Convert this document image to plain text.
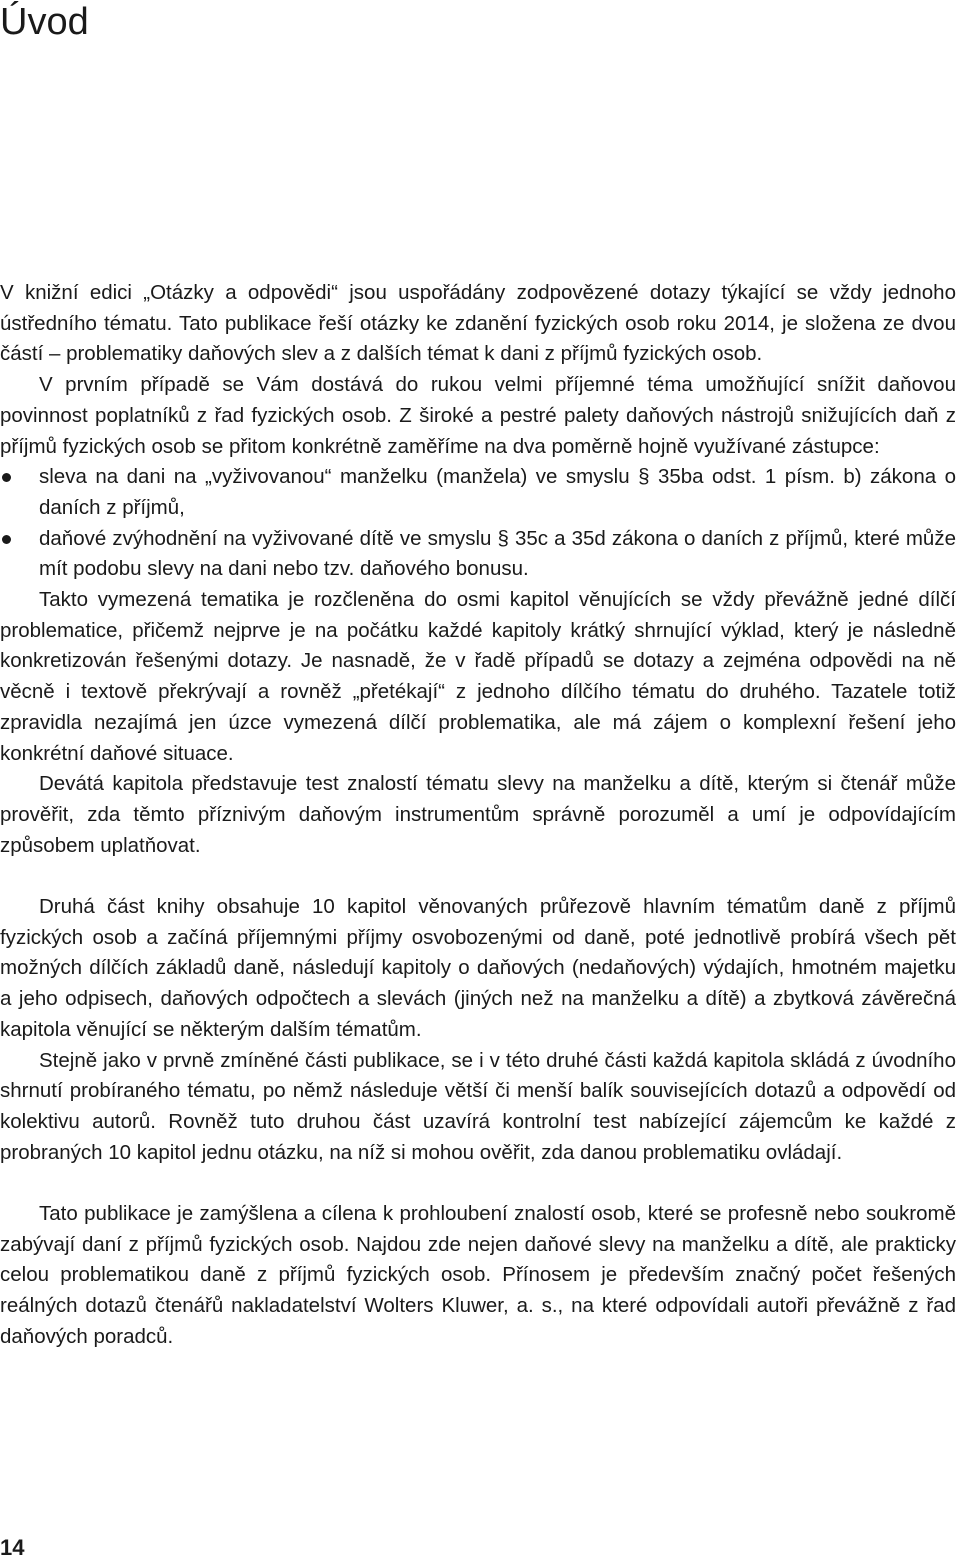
Úvod

V knižní edici „Otázky a odpovědi“ jsou uspořádány zodpovězené dotazy týkající se vždy jednoho ústředního tématu. Tato publikace řeší otázky ke zdanění fyzických osob roku 2014, je složena ze dvou částí – problematiky daňových slev a z dalších témat k dani z příjmů fyzických osob.

V prvním případě se Vám dostává do rukou velmi příjemné téma umožňující snížit daňovou povinnost poplatníků z řad fyzických osob. Z široké a pestré palety daňových nástrojů snižujících daň z příjmů fyzických osob se přitom konkrétně zaměříme na dva poměrně hojně využívané zástupce:

sleva na dani na „vyživovanou“ manželku (manžela) ve smyslu § 35ba odst. 1 písm. b) zákona o daních z příjmů,
daňové zvýhodnění na vyživované dítě ve smyslu § 35c a 35d zákona o daních z příjmů, které může mít podobu slevy na dani nebo tzv. daňového bonusu.

Takto vymezená tematika je rozčleněna do osmi kapitol věnujících se vždy převážně jedné dílčí problematice, přičemž nejprve je na počátku každé kapitoly krátký shrnující výklad, který je následně konkretizován řešenými dotazy. Je nasnadě, že v řadě případů se dotazy a zejména odpovědi na ně věcně i textově překrývají a rovněž „přetékají“ z jednoho dílčího tématu do druhého. Tazatele totiž zpravidla nezajímá jen úzce vymezená dílčí problematika, ale má zájem o komplexní řešení jeho konkrétní daňové situace.

Devátá kapitola představuje test znalostí tématu slevy na manželku a dítě, kterým si čtenář může prověřit, zda těmto příznivým daňovým instrumentům správně porozuměl a umí je odpovídajícím způsobem uplatňovat.

Druhá část knihy obsahuje 10 kapitol věnovaných průřezově hlavním tématům daně z příjmů fyzických osob a začíná příjemnými příjmy osvobozenými od daně, poté jednotlivě probírá všech pět možných dílčích základů daně, následují kapitoly o daňových (nedaňových) výdajích, hmotném majetku a jeho odpisech, daňových odpočtech a slevách (jiných než na manželku a dítě) a zbytková závěrečná kapitola věnující se některým dalším tématům.

Stejně jako v prvně zmíněné části publikace, se i v této druhé části každá kapitola skládá z úvodního shrnutí probíraného tématu, po němž následuje větší či menší balík souvisejících dotazů a odpovědí od kolektivu autorů. Rovněž tuto druhou část uzavírá kontrolní test nabízející zájemcům ke každé z probraných 10 kapitol jednu otázku, na níž si mohou ověřit, zda danou problematiku ovládají.

Tato publikace je zamýšlena a cílena k prohloubení znalostí osob, které se profesně nebo soukromě zabývají daní z příjmů fyzických osob. Najdou zde nejen daňové slevy na manželku a dítě, ale prakticky celou problematikou daně z příjmů fyzických osob. Přínosem je především značný počet řešených reálných dotazů čtenářů nakladatelství Wolters Kluwer, a. s., na které odpovídali autoři převážně z řad daňových poradců.

14
